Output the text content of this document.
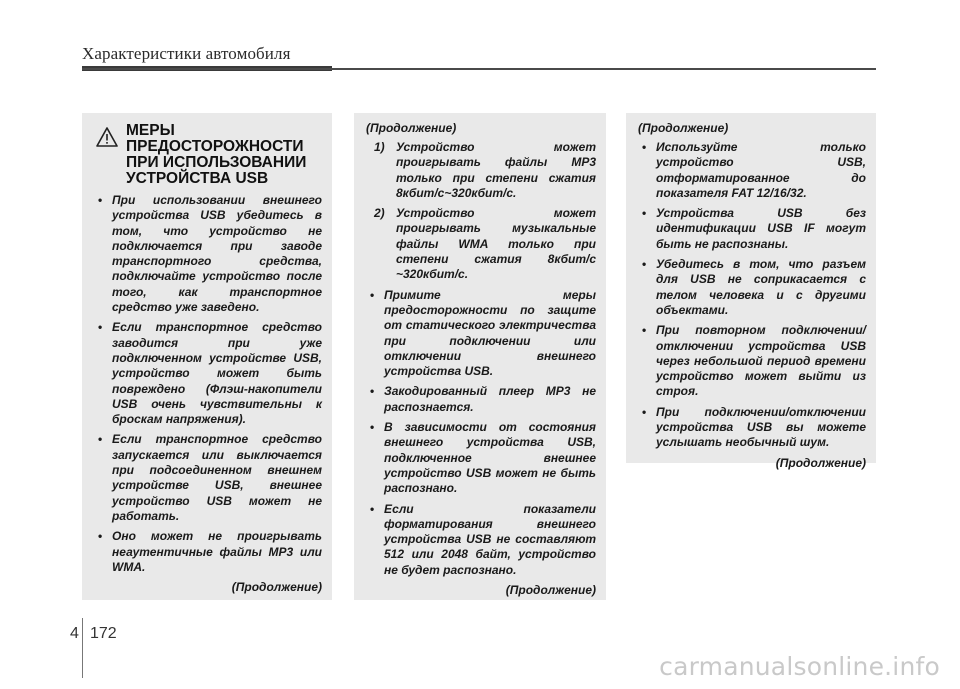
Характеристики автомобиля
МЕРЫ ПРЕДОСТОРОЖНОСТИ ПРИ ИСПОЛЬЗОВАНИИ УСТРОЙСТВА USB
• При использовании внешнего устройства USB убедитесь в том, что устройство не подключается при заводе транспортного средства, подключайте устройство после того, как транспортное средство уже заведено.
• Если транспортное средство заводится при уже подключенном устройстве USB, устройство может быть повреждено (Флэш-накопители USB очень чувствительны к броскам напряжения).
• Если транспортное средство запускается или выключается при подсоединенном внешнем устройстве USB, внешнее устройство USB может не работать.
• Оно может не проигрывать неаутентичные файлы MP3 или WMA.
(Продолжение)
(Продолжение)
1) Устройство может проигрывать файлы MP3 только при степени сжатия 8кбит/с~320кбит/с.
2) Устройство может проигрывать музыкальные файлы WMA только при степени сжатия 8кбит/с ~320кбит/с.
• Примите меры предосторожности по защите от статического электричества при подключении или отключении внешнего устройства USB.
• Закодированный плеер MP3 не распознается.
• В зависимости от состояния внешнего устройства USB, подключенное внешнее устройство USB может не быть распознано.
• Если показатели форматирования внешнего устройства USB не составляют 512 или 2048 байт, устройство не будет распознано.
(Продолжение)
(Продолжение)
• Используйте только устройство USB, отформатированное до показателя FAT 12/16/32.
• Устройства USB без идентификации USB IF могут быть не распознаны.
• Убедитесь в том, что разъем для USB не соприкасается с телом человека и с другими объектами.
• При повторном подключении/ отключении устройства USB через небольшой период времени устройство может выйти из строя.
• При подключении/отключении устройства USB вы можете услышать необычный шум.
(Продолжение)
4 172
carmanualsonline.info
